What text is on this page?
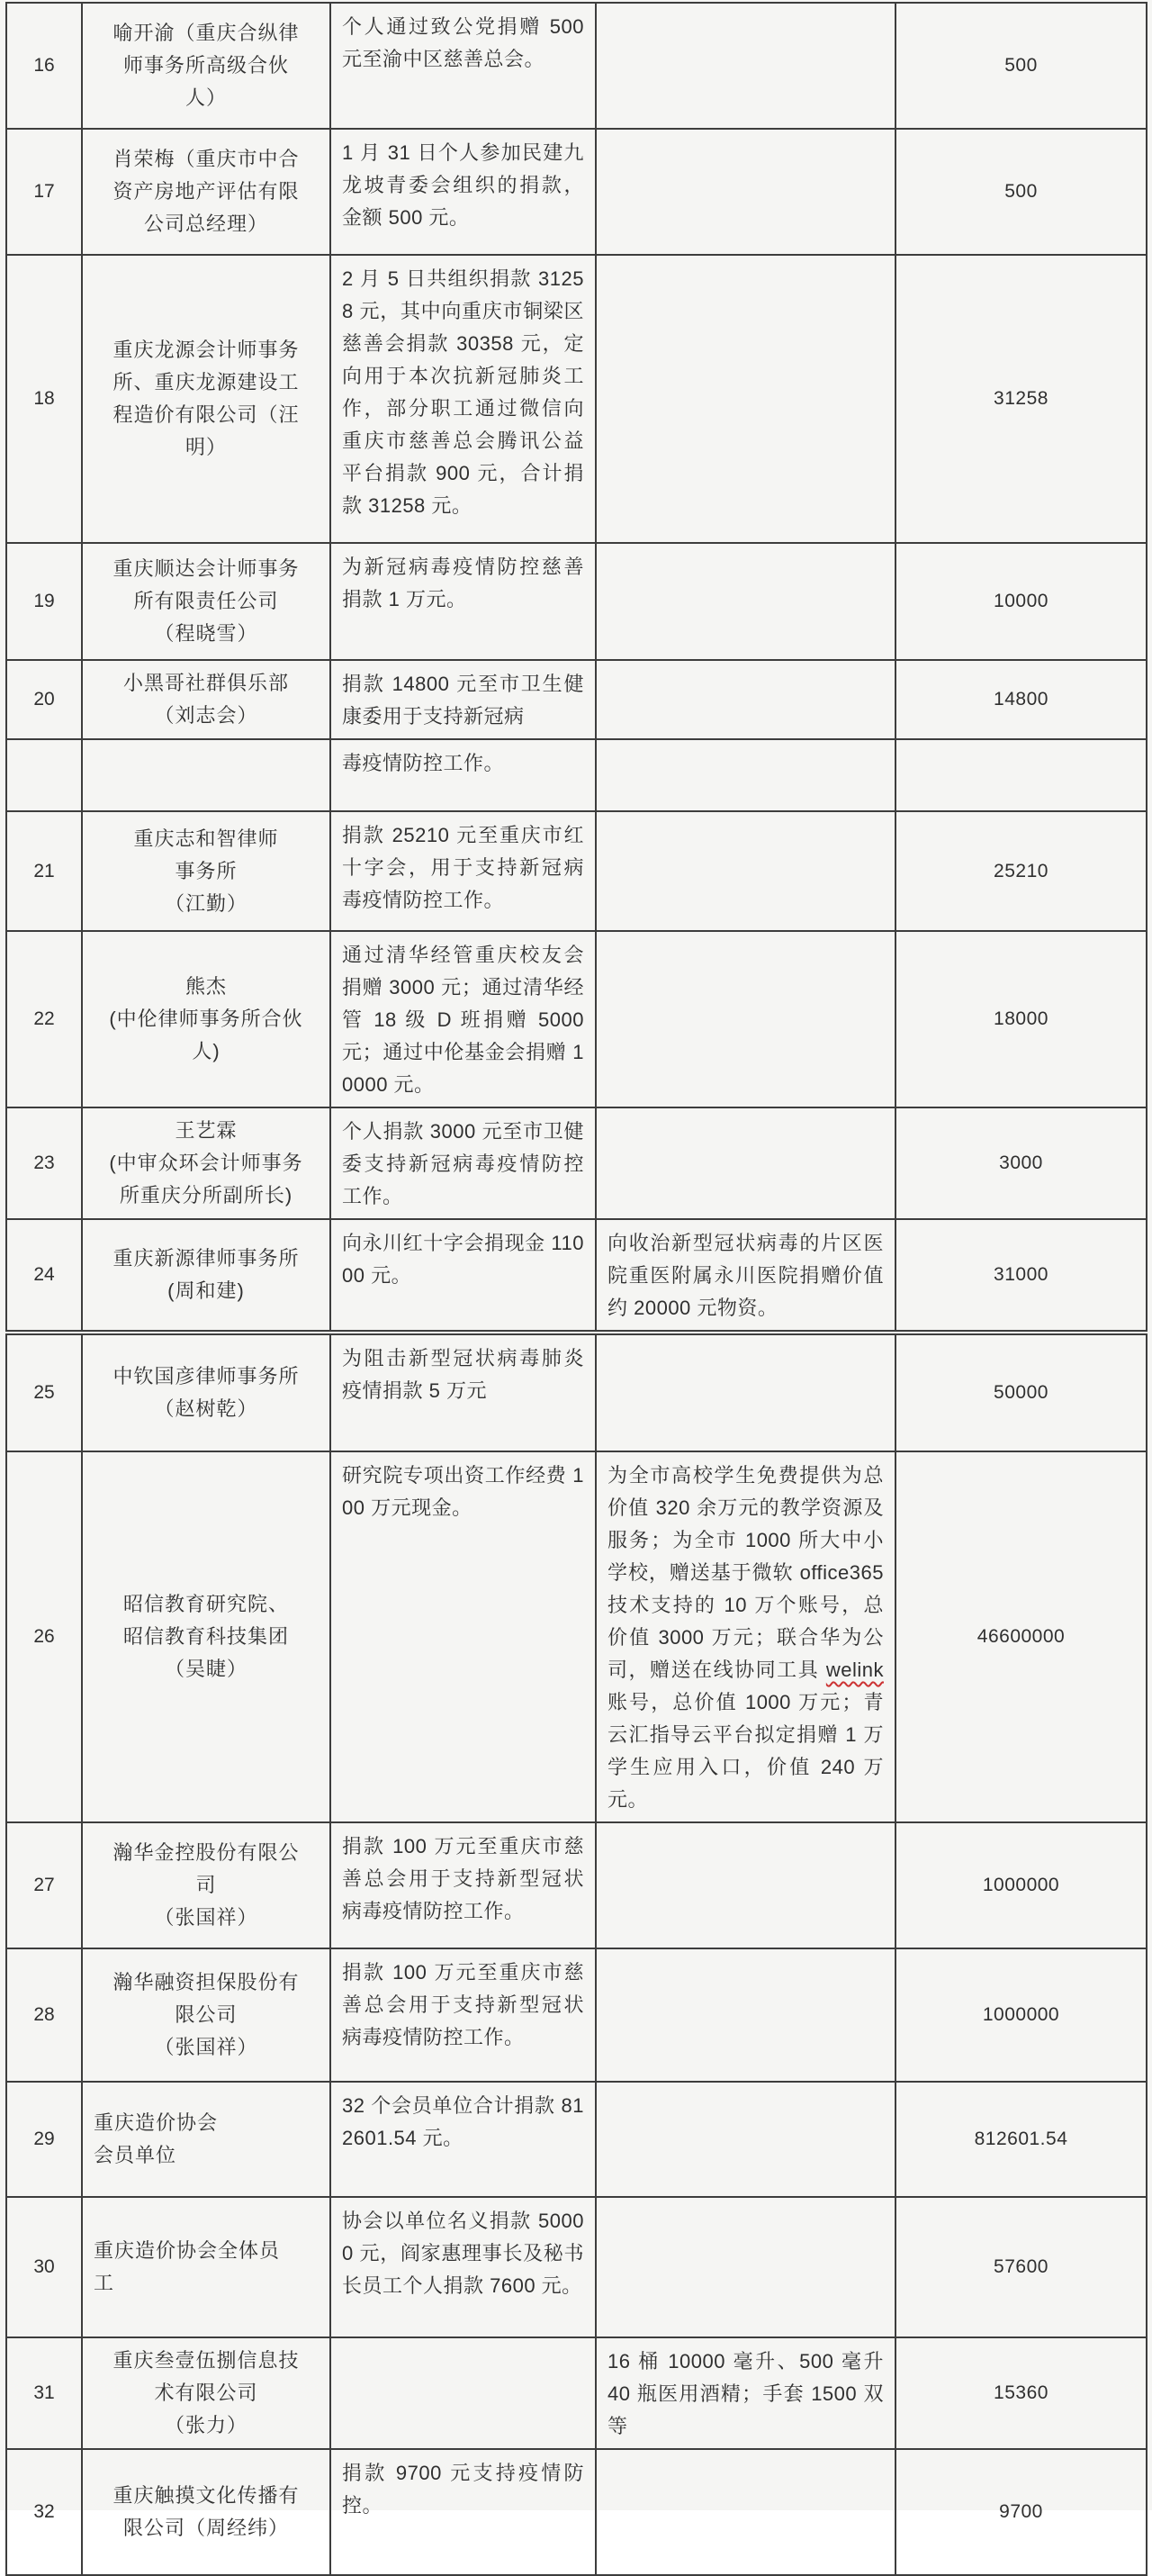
16	喻开渝（重庆合纵律
师事务所高级合伙
人）	个人通过致公党捐赠 500 元至渝中区慈善总会。		500
17	肖荣梅（重庆市中合
资产房地产评估有限
公司总经理）	1 月 31 日个人参加民建九龙坡青委会组织的捐款，金额 500 元。		500
18	重庆龙源会计师事务
所、重庆龙源建设工
程造价有限公司（汪
明）	2 月 5 日共组织捐款 31258 元，其中向重庆市铜梁区慈善会捐款 30358 元，定向用于本次抗新冠肺炎工作，部分职工通过微信向重庆市慈善总会腾讯公益平台捐款 900 元，合计捐款 31258 元。		31258
19	重庆顺达会计师事务
所有限责任公司
（程晓雪）	为新冠病毒疫情防控慈善捐款 1 万元。		10000
20	小黑哥社群俱乐部
（刘志会）	捐款 14800 元至市卫生健康委用于支持新冠病		14800
		毒疫情防控工作。		
21	重庆志和智律师
事务所
（江勤）	捐款 25210 元至重庆市红十字会，用于支持新冠病毒疫情防控工作。		25210
22	熊杰
(中伦律师事务所合伙
人)	通过清华经管重庆校友会捐赠 3000 元；通过清华经管 18 级 D 班捐赠 5000 元；通过中伦基金会捐赠 10000 元。		18000
23	王艺霖
(中审众环会计师事务
所重庆分所副所长)	个人捐款 3000 元至市卫健委支持新冠病毒疫情防控工作。		3000
24	重庆新源律师事务所
(周和建)	向永川红十字会捐现金 11000 元。	向收治新型冠状病毒的片区医院重医附属永川医院捐赠价值约 20000 元物资。	31000
25	中钦国彦律师事务所
（赵树乾）	为阻击新型冠状病毒肺炎疫情捐款 5 万元		50000
26	昭信教育研究院、
昭信教育科技集团
（吴睫）	研究院专项出资工作经费 100 万元现金。	为全市高校学生免费提供为总价值 320 余万元的教学资源及服务；为全市 1000 所大中小学校，赠送基于微软 office365 技术支持的 10 万个账号，总价值 3000 万元；联合华为公司，赠送在线协同工具 welink 账号，总价值 1000 万元；青云汇指导云平台拟定捐赠 1 万学生应用入口，价值 240 万元。	46600000
27	瀚华金控股份有限公
司
（张国祥）	捐款 100 万元至重庆市慈善总会用于支持新型冠状病毒疫情防控工作。		1000000
28	瀚华融资担保股份有
限公司
（张国祥）	捐款 100 万元至重庆市慈善总会用于支持新型冠状病毒疫情防控工作。		1000000
29	重庆造价协会
会员单位	32 个会员单位合计捐款 812601.54 元。		812601.54
30	重庆造价协会全体员
工	协会以单位名义捐款 50000 元，阎家惠理事长及秘书长员工个人捐款 7600 元。		57600
31	重庆叁壹伍捌信息技
术有限公司
（张力）		16 桶 10000 毫升、500 毫升 40 瓶医用酒精；手套 1500 双等	15360
32	重庆触摸文化传播有
限公司（周经纬）	捐款 9700 元支持疫情防控。		9700
